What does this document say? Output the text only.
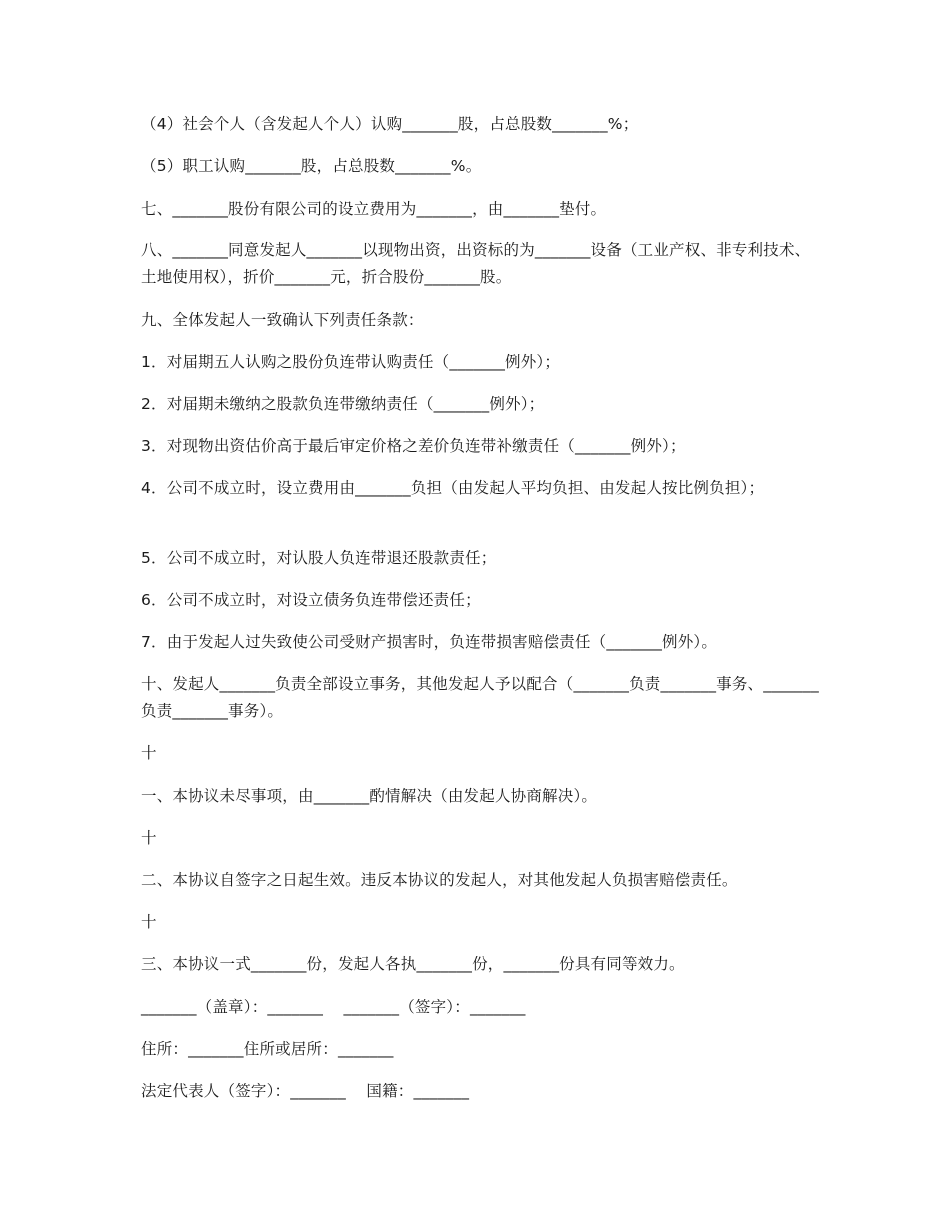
（4）社会个人（含发起人个人）认购_______股，占总股数_______%；

（5）职工认购_______股，占总股数_______%。

七、_______股份有限公司的设立费用为_______，由_______垫付。

八、_______同意发起人_______以现物出资，出资标的为_______设备（工业产权、非专利技术、土地使用权），折价_______元，折合股份_______股。

九、全体发起人一致确认下列责任条款：

1．对届期五人认购之股份负连带认购责任（_______例外）；

2．对届期未缴纳之股款负连带缴纳责任（_______例外）；

3．对现物出资估价高于最后审定价格之差价负连带补缴责任（_______例外）；

4．公司不成立时，设立费用由_______负担（由发起人平均负担、由发起人按比例负担）；

5．公司不成立时，对认股人负连带退还股款责任；

6．公司不成立时，对设立债务负连带偿还责任；

7．由于发起人过失致使公司受财产损害时，负连带损害赔偿责任（_______例外）。

十、发起人_______负责全部设立事务，其他发起人予以配合（_______负责_______事务、_______负责_______事务）。

十

一、本协议未尽事项，由_______酌情解决（由发起人协商解决）。

十

二、本协议自签字之日起生效。违反本协议的发起人，对其他发起人负损害赔偿责任。

十

三、本协议一式_______份，发起人各执_______份，_______份具有同等效力。

_______（盖章）：_______    _______（签字）：_______

住所：_______住所或居所：_______

法定代表人（签字）：_______    国籍：_______
